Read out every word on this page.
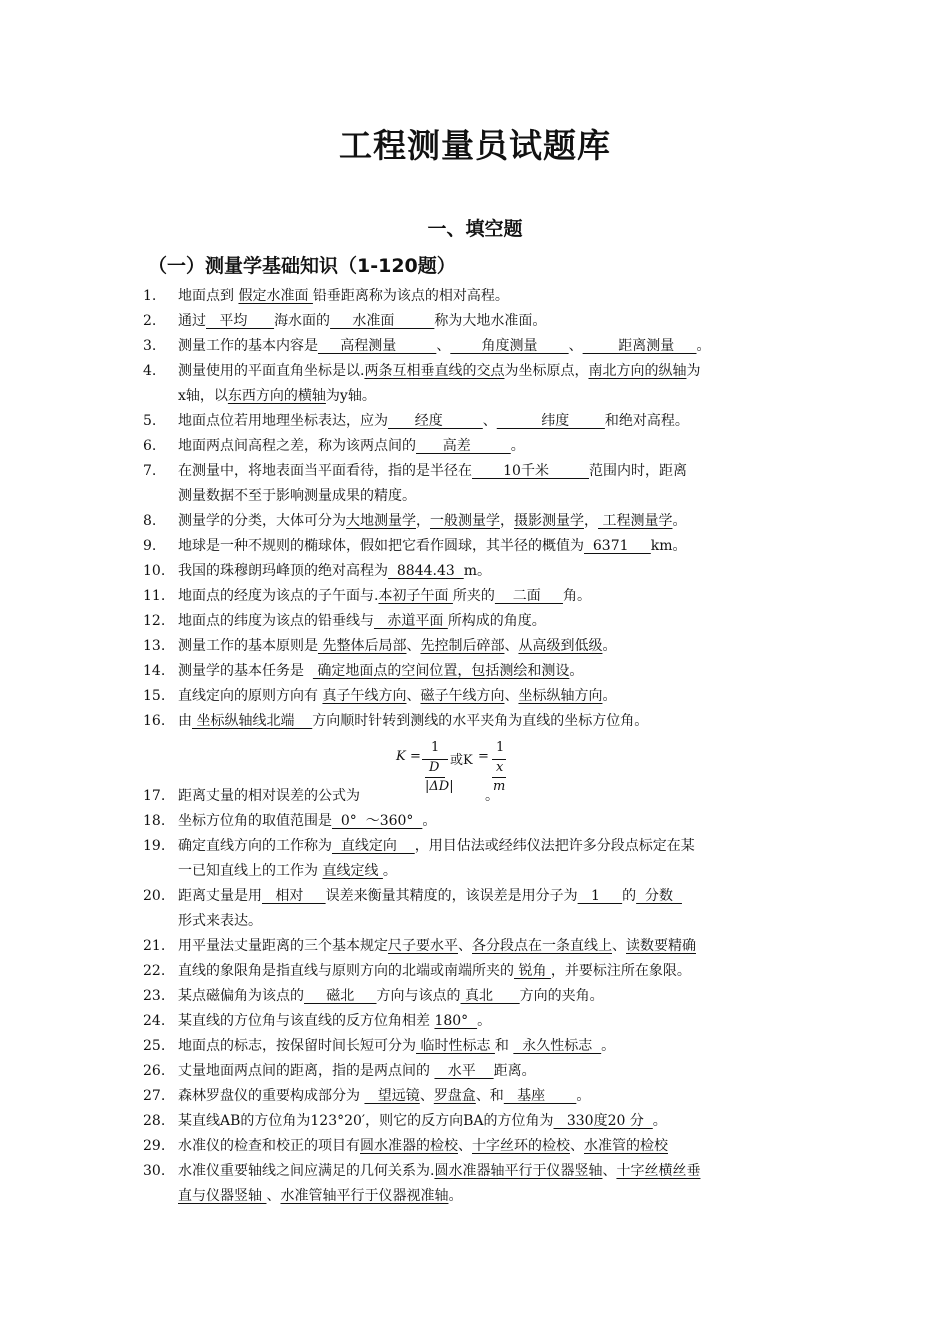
工程测量员试题库
一、填空题
（一）测量学基础知识（1-120题）
1. 地面点到 假定水准面 铅垂距离称为该点的相对高程。
2. 通过   平均      海水面的     水准面         称为大地水准面。
3. 测量工作的基本内容是     高程测量         、       角度测量       、        距离测量     。
4. 测量使用的平面直角坐标是以.两条互相垂直线的交点为坐标原点，南北方向的纵轴为
x轴，以东西方向的横轴为y轴。
5. 地面点位若用地理坐标表达，应为      经度         、          纬度        和绝对高程。
6. 地面两点间高程之差，称为该两点间的      高差         。
7. 在测量中，将地表面当平面看待，指的是半径在       10千米         范围内时，距离
测量数据不至于影响测量成果的精度。
8. 测量学的分类，大体可分为大地测量学，一般测量学，摄影测量学， 工程测量学。
9. 地球是一种不规则的椭球体，假如把它看作圆球，其半径的概值为  6371     km。
10. 我国的珠穆朗玛峰顶的绝对高程为  8844.43  m。
11. 地面点的经度为该点的子午面与.本初子午面 所夹的    二面     角。
12. 地面点的纬度为该点的铅垂线与   赤道平面 所构成的角度。
13. 测量工作的基本原则是 先整体后局部、先控制后碎部、从高级到低级。
14. 测量学的基本任务是   确定地面点的空间位置，包括测绘和测设。
15. 直线定向的原则方向有 真子午线方向、磁子午线方向、坐标纵轴方向。
16. 由 坐标纵轴线北端    方向顺时针转到测线的水平夹角为直线的坐标方位角。
K =
1
D
|ΔD|
或K =
1
x
m
17. 距离丈量的相对误差的公式为	。
18. 坐标方位角的取值范围是  0°  ～360°  。
19. 确定直线方向的工作称为  直线定向    ，用目估法或经纬仪法把许多分段点标定在某
一已知直线上的工作为 直线定线 。
20. 距离丈量是用   相对     误差来衡量其精度的，该误差是用分子为   1     的  分数
形式来表达。
21. 用平量法丈量距离的三个基本规定尺子要水平、各分段点在一条直线上、读数要精确
22. 直线的象限角是指直线与原则方向的北端或南端所夹的 锐角 ，并要标注所在象限。
23. 某点磁偏角为该点的     磁北     方向与该点的 真北      方向的夹角。
24. 某直线的方位角与该直线的反方位角相差 180°  。
25. 地面点的标志，按保留时间长短可分为 临时性标志 和   永久性标志  。
26. 丈量地面两点间的距离，指的是两点间的    水平    距离。
27. 森林罗盘仪的重要构成部分为    望远镜、罗盘盒、和   基座       。
28. 某直线AB的方位角为123°20′，则它的反方向BA的方位角为   330度20 分  。
29. 水准仪的检查和校正的项目有圆水准器的检校、十字丝环的检校、水准管的检校
30. 水准仪重要轴线之间应满足的几何关系为.圆水准器轴平行于仪器竖轴、十字丝横丝垂
直与仪器竖轴 、水准管轴平行于仪器视准轴。
